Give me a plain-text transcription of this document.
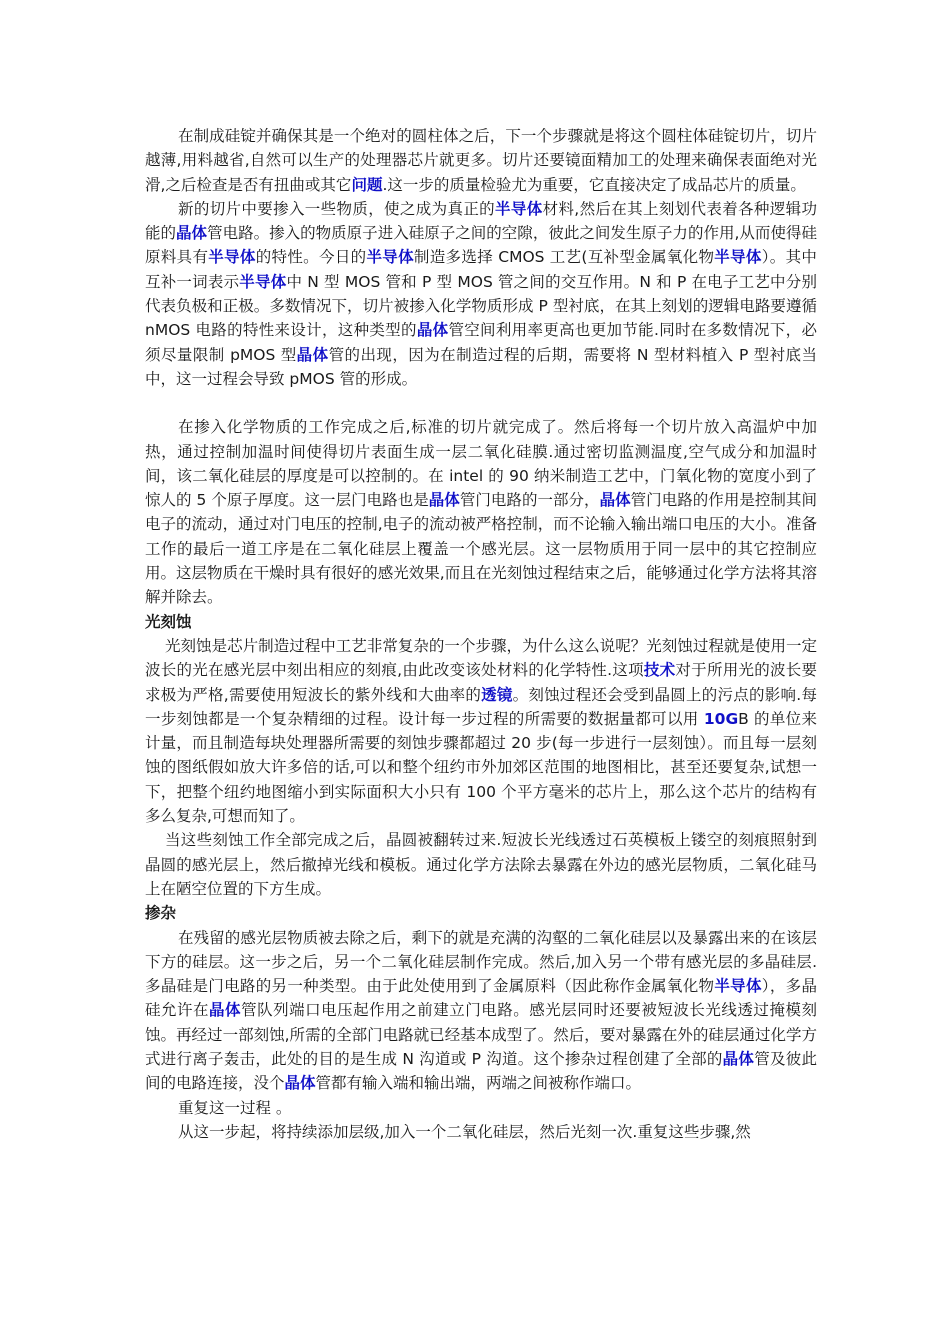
在制成硅锭并确保其是一个绝对的圆柱体之后，下一个步骤就是将这个圆柱体硅锭切片，切片越薄,用料越省,自然可以生产的处理器芯片就更多。切片还要镜面精加工的处理来确保表面绝对光滑,之后检查是否有扭曲或其它问题.这一步的质量检验尤为重要，它直接决定了成品芯片的质量。

新的切片中要掺入一些物质，使之成为真正的半导体材料,然后在其上刻划代表着各种逻辑功能的晶体管电路。掺入的物质原子进入硅原子之间的空隙，彼此之间发生原子力的作用,从而使得硅原料具有半导体的特性。今日的半导体制造多选择 CMOS 工艺(互补型金属氧化物半导体）。其中互补一词表示半导体中 N 型 MOS 管和 P 型 MOS 管之间的交互作用。N 和 P 在电子工艺中分别代表负极和正极。多数情况下，切片被掺入化学物质形成 P 型衬底，在其上刻划的逻辑电路要遵循 nMOS 电路的特性来设计，这种类型的晶体管空间利用率更高也更加节能.同时在多数情况下，必须尽量限制 pMOS 型晶体管的出现，因为在制造过程的后期，需要将 N 型材料植入 P 型衬底当中，这一过程会导致 pMOS 管的形成。

在掺入化学物质的工作完成之后,标准的切片就完成了。然后将每一个切片放入高温炉中加热，通过控制加温时间使得切片表面生成一层二氧化硅膜.通过密切监测温度,空气成分和加温时间，该二氧化硅层的厚度是可以控制的。在 intel 的 90 纳米制造工艺中，门氧化物的宽度小到了惊人的 5 个原子厚度。这一层门电路也是晶体管门电路的一部分，晶体管门电路的作用是控制其间电子的流动，通过对门电压的控制,电子的流动被严格控制，而不论输入输出端口电压的大小。准备工作的最后一道工序是在二氧化硅层上覆盖一个感光层。这一层物质用于同一层中的其它控制应用。这层物质在干燥时具有很好的感光效果,而且在光刻蚀过程结束之后，能够通过化学方法将其溶解并除去。

光刻蚀

光刻蚀是芯片制造过程中工艺非常复杂的一个步骤，为什么这么说呢？光刻蚀过程就是使用一定波长的光在感光层中刻出相应的刻痕,由此改变该处材料的化学特性.这项技术对于所用光的波长要求极为严格,需要使用短波长的紫外线和大曲率的透镜。刻蚀过程还会受到晶圆上的污点的影响.每一步刻蚀都是一个复杂精细的过程。设计每一步过程的所需要的数据量都可以用 10GB 的单位来计量，而且制造每块处理器所需要的刻蚀步骤都超过 20 步(每一步进行一层刻蚀）。而且每一层刻蚀的图纸假如放大许多倍的话,可以和整个纽约市外加郊区范围的地图相比，甚至还要复杂,试想一下，把整个纽约地图缩小到实际面积大小只有 100 个平方毫米的芯片上，那么这个芯片的结构有多么复杂,可想而知了。

当这些刻蚀工作全部完成之后，晶圆被翻转过来.短波长光线透过石英模板上镂空的刻痕照射到晶圆的感光层上，然后撤掉光线和模板。通过化学方法除去暴露在外边的感光层物质，二氧化硅马上在陋空位置的下方生成。

掺杂

在残留的感光层物质被去除之后，剩下的就是充满的沟壑的二氧化硅层以及暴露出来的在该层下方的硅层。这一步之后，另一个二氧化硅层制作完成。然后,加入另一个带有感光层的多晶硅层.多晶硅是门电路的另一种类型。由于此处使用到了金属原料（因此称作金属氧化物半导体），多晶硅允许在晶体管队列端口电压起作用之前建立门电路。感光层同时还要被短波长光线透过掩模刻蚀。再经过一部刻蚀,所需的全部门电路就已经基本成型了。然后，要对暴露在外的硅层通过化学方式进行离子轰击，此处的目的是生成 N 沟道或 P 沟道。这个掺杂过程创建了全部的晶体管及彼此间的电路连接，没个晶体管都有输入端和输出端，两端之间被称作端口。

重复这一过程 。

从这一步起，将持续添加层级,加入一个二氧化硅层，然后光刻一次.重复这些步骤,然
